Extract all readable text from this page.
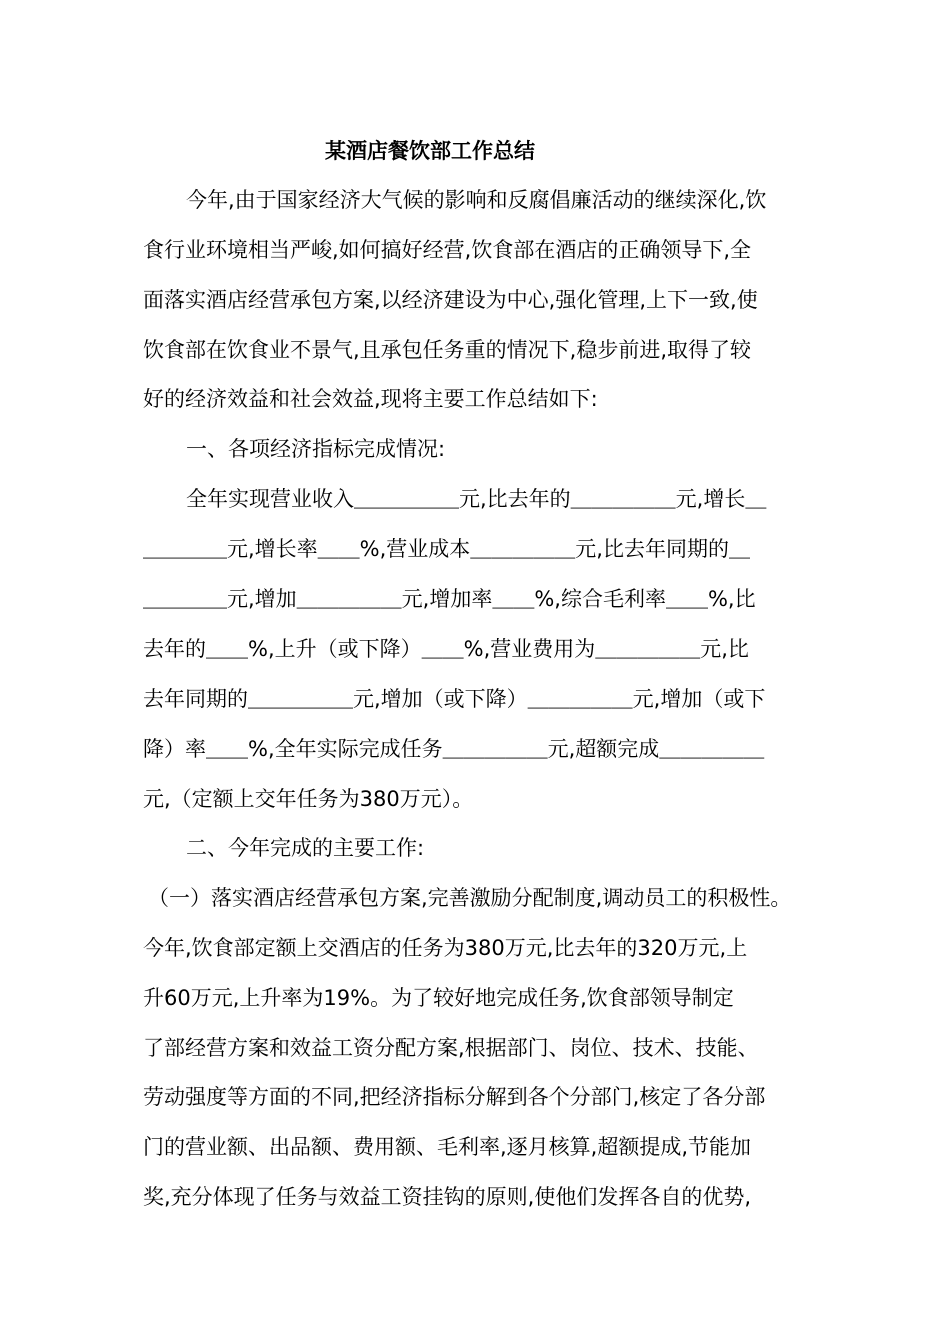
某酒店餐饮部工作总结
今年,由于国家经济大气候的影响和反腐倡廉活动的继续深化,饮
食行业环境相当严峻,如何搞好经营,饮食部在酒店的正确领导下,全
面落实酒店经营承包方案,以经济建设为中心,强化管理,上下一致,使
饮食部在饮食业不景气,且承包任务重的情况下,稳步前进,取得了较
好的经济效益和社会效益,现将主要工作总结如下:
一、各项经济指标完成情况:
全年实现营业收入＿＿＿＿＿元,比去年的＿＿＿＿＿元,增长＿
＿＿＿＿元,增长率＿＿%,营业成本＿＿＿＿＿元,比去年同期的＿
＿＿＿＿元,增加＿＿＿＿＿元,增加率＿＿%,综合毛利率＿＿%,比
去年的＿＿%,上升（或下降）＿＿%,营业费用为＿＿＿＿＿元,比
去年同期的＿＿＿＿＿元,增加（或下降）＿＿＿＿＿元,增加（或下
降）率＿＿%,全年实际完成任务＿＿＿＿＿元,超额完成＿＿＿＿＿
元,（定额上交年任务为380万元）。
二、今年完成的主要工作:
（一）落实酒店经营承包方案,完善激励分配制度,调动员工的积极性。
今年,饮食部定额上交酒店的任务为380万元,比去年的320万元,上
升60万元,上升率为19%。为了较好地完成任务,饮食部领导制定
了部经营方案和效益工资分配方案,根据部门、岗位、技术、技能、
劳动强度等方面的不同,把经济指标分解到各个分部门,核定了各分部
门的营业额、出品额、费用额、毛利率,逐月核算,超额提成,节能加
奖,充分体现了任务与效益工资挂钩的原则,使他们发挥各自的优势,
